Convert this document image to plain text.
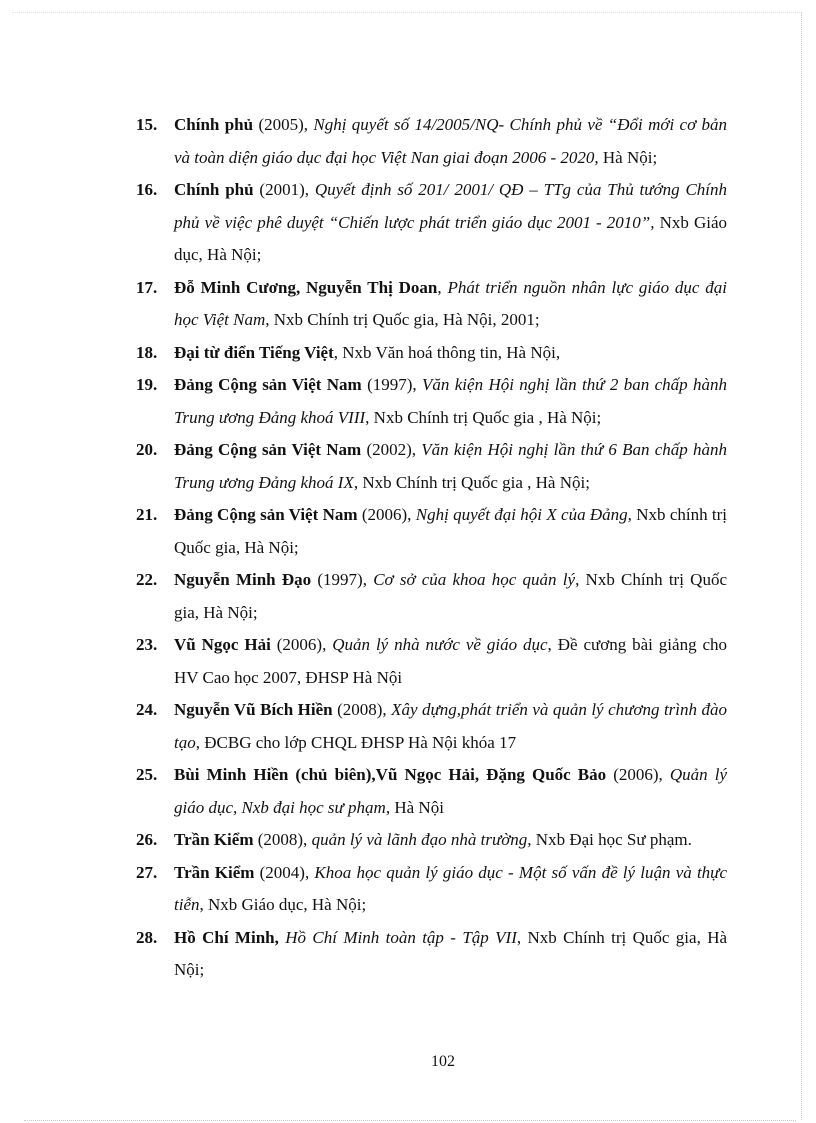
15. Chính phủ (2005), Nghị quyết số 14/2005/NQ- Chính phủ về “Đổi mới cơ bản và toàn diện giáo dục đại học Việt Nan giai đoạn 2006 - 2020, Hà Nội;
16. Chính phủ (2001), Quyết định số 201/ 2001/ QĐ – TTg của Thủ tướng Chính phủ về việc phê duyệt “Chiến lược phát triển giáo dục 2001 - 2010”, Nxb Giáo dục, Hà Nội;
17. Đỗ Minh Cương, Nguyễn Thị Doan, Phát triển nguồn nhân lực giáo dục đại học Việt Nam, Nxb Chính trị Quốc gia, Hà Nội, 2001;
18. Đại từ điển Tiếng Việt, Nxb Văn hoá thông tin, Hà Nội,
19. Đảng Cộng sản Việt Nam (1997), Văn kiện Hội nghị lần thứ 2 ban chấp hành Trung ương Đảng khoá VIII, Nxb Chính trị Quốc gia , Hà Nội;
20. Đảng Cộng sản Việt Nam (2002), Văn kiện Hội nghị lần thứ 6 Ban chấp hành Trung ương Đảng khoá IX, Nxb Chính trị Quốc gia , Hà Nội;
21. Đảng Cộng sản Việt Nam (2006), Nghị quyết đại hội X của Đảng, Nxb chính trị Quốc gia, Hà Nội;
22. Nguyễn Minh Đạo (1997), Cơ sở của khoa học quản lý, Nxb Chính trị Quốc gia, Hà Nội;
23. Vũ Ngọc Hải (2006), Quản lý nhà nước về giáo dục, Đề cương bài giảng cho HV Cao học 2007, ĐHSP Hà Nội
24. Nguyễn Vũ Bích Hiền (2008), Xây dựng,phát triển và quản lý chương trình đào tạo, ĐCBG cho lớp CHQL ĐHSP Hà Nội khóa 17
25. Bùi Minh Hiền (chủ biên),Vũ Ngọc Hải, Đặng Quốc Bảo (2006), Quản lý giáo dục, Nxb đại học sư phạm, Hà Nội
26. Trần Kiểm (2008), quản lý và lãnh đạo nhà trường, Nxb Đại học Sư phạm.
27. Trần Kiểm (2004), Khoa học quản lý giáo dục - Một số vấn đề lý luận và thực tiễn, Nxb Giáo dục, Hà Nội;
28. Hồ Chí Minh, Hồ Chí Minh toàn tập - Tập VII, Nxb Chính trị Quốc gia, Hà Nội;
102
